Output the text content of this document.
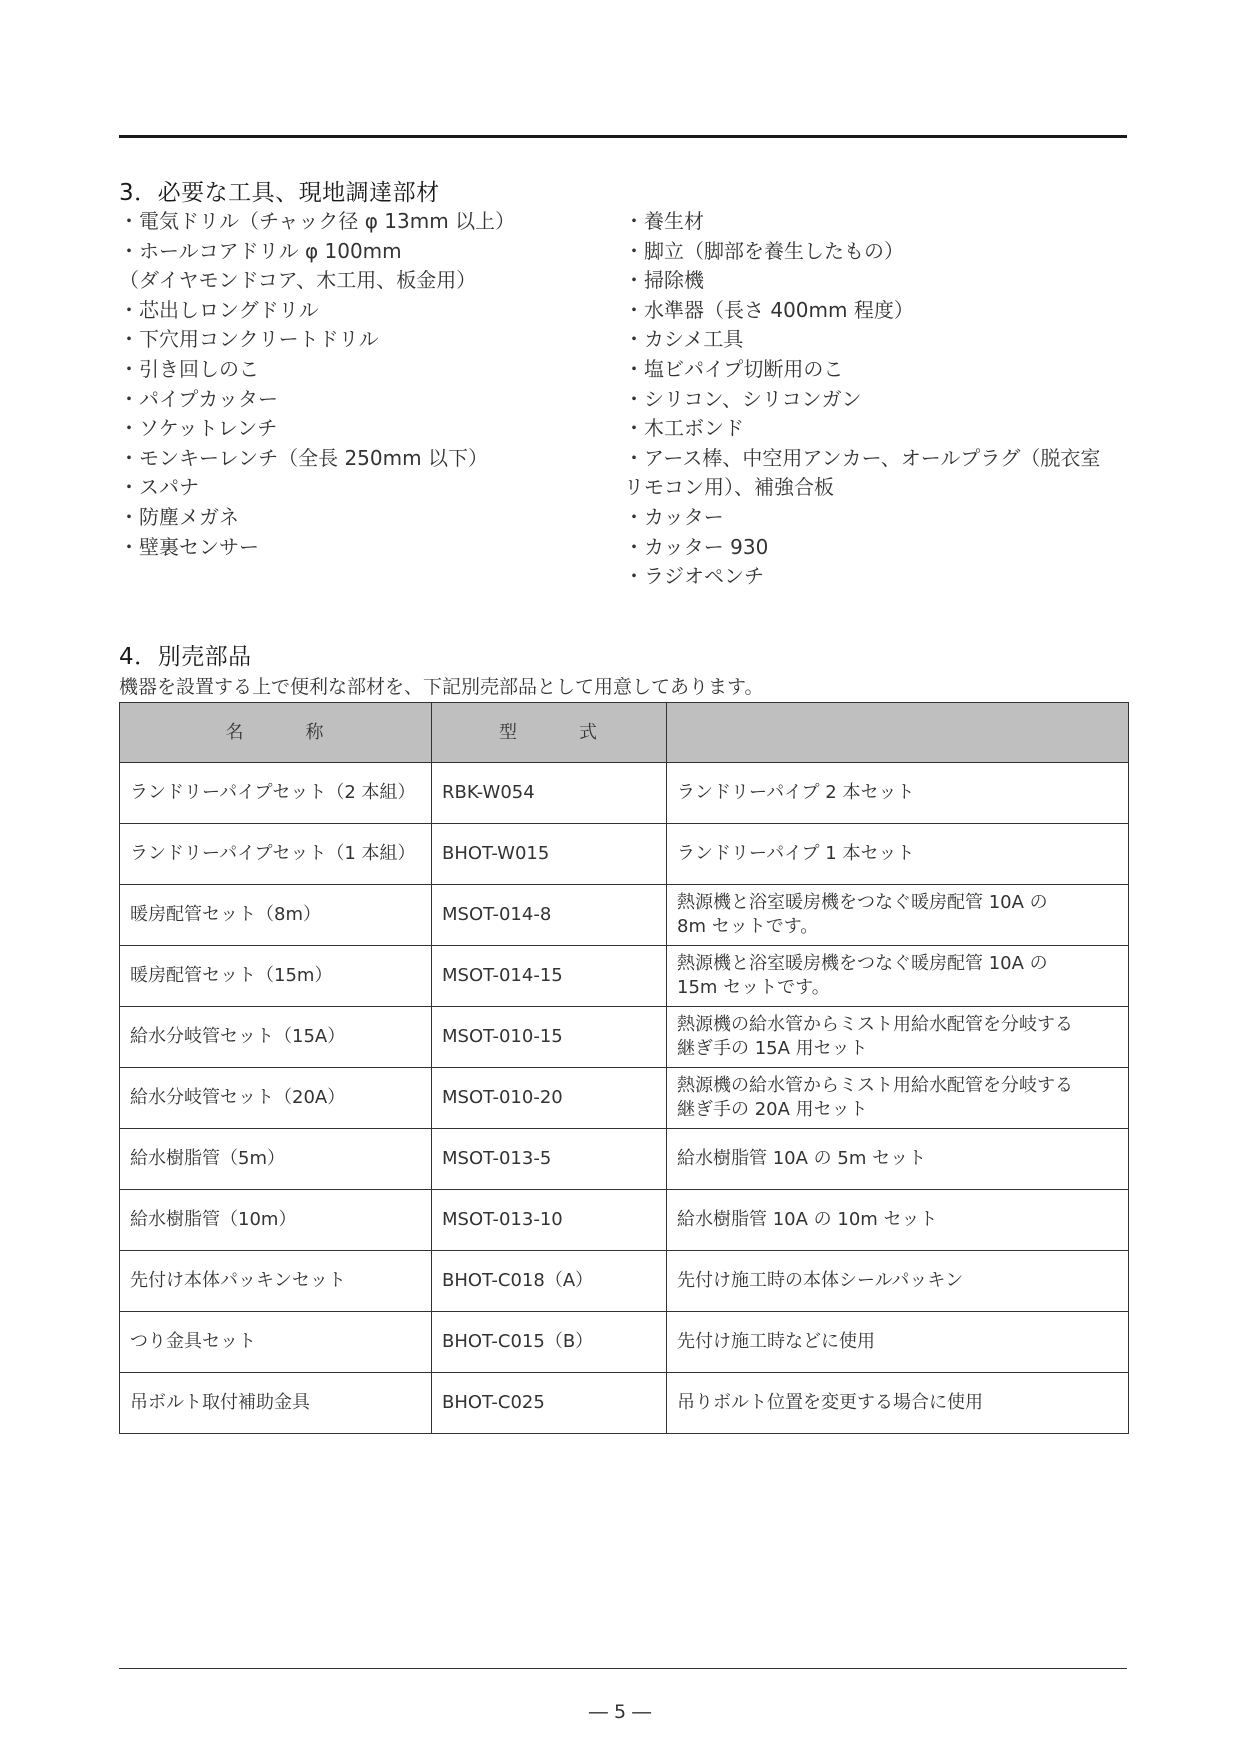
3．必要な工具、現地調達部材
・電気ドリル（チャック径 φ 13mm 以上）
・ホールコアドリル φ 100mm
（ダイヤモンドコア、木工用、板金用）
・芯出しロングドリル
・下穴用コンクリートドリル
・引き回しのこ
・パイプカッター
・ソケットレンチ
・モンキーレンチ（全長 250mm 以下）
・スパナ
・防塵メガネ
・壁裏センサー
・養生材
・脚立（脚部を養生したもの）
・掃除機
・水準器（長さ 400mm 程度）
・カシメ工具
・塩ビパイプ切断用のこ
・シリコン、シリコンガン
・木工ボンド
・アース棒、中空用アンカー、オールプラグ（脱衣室
リモコン用）、補強合板
・カッター
・カッター 930
・ラジオペンチ
4．別売部品
機器を設置する上で便利な部材を、下記別売部品として用意してあります。
名 称	型 式	
ランドリーパイプセット（2 本組）	RBK-W054	ランドリーパイプ 2 本セット

ランドリーパイプセット（1 本組）	BHOT-W015	ランドリーパイプ 1 本セット

暖房配管セット（8m）	MSOT-014-8	熱源機と浴室暖房機をつなぐ暖房配管 10A の
8m セットです。

暖房配管セット（15m）	MSOT-014-15	熱源機と浴室暖房機をつなぐ暖房配管 10A の
15m セットです。

給水分岐管セット（15A）	MSOT-010-15	熱源機の給水管からミスト用給水配管を分岐する
継ぎ手の 15A 用セット

給水分岐管セット（20A）	MSOT-010-20	熱源機の給水管からミスト用給水配管を分岐する
継ぎ手の 20A 用セット

給水樹脂管（5m）	MSOT-013-5	給水樹脂管 10A の 5m セット

給水樹脂管（10m）	MSOT-013-10	給水樹脂管 10A の 10m セット

先付け本体パッキンセット	BHOT-C018（A）	先付け施工時の本体シールパッキン

つり金具セット	BHOT-C015（B）	先付け施工時などに使用

吊ボルト取付補助金具	BHOT-C025	吊りボルト位置を変更する場合に使用
― 5 ―
